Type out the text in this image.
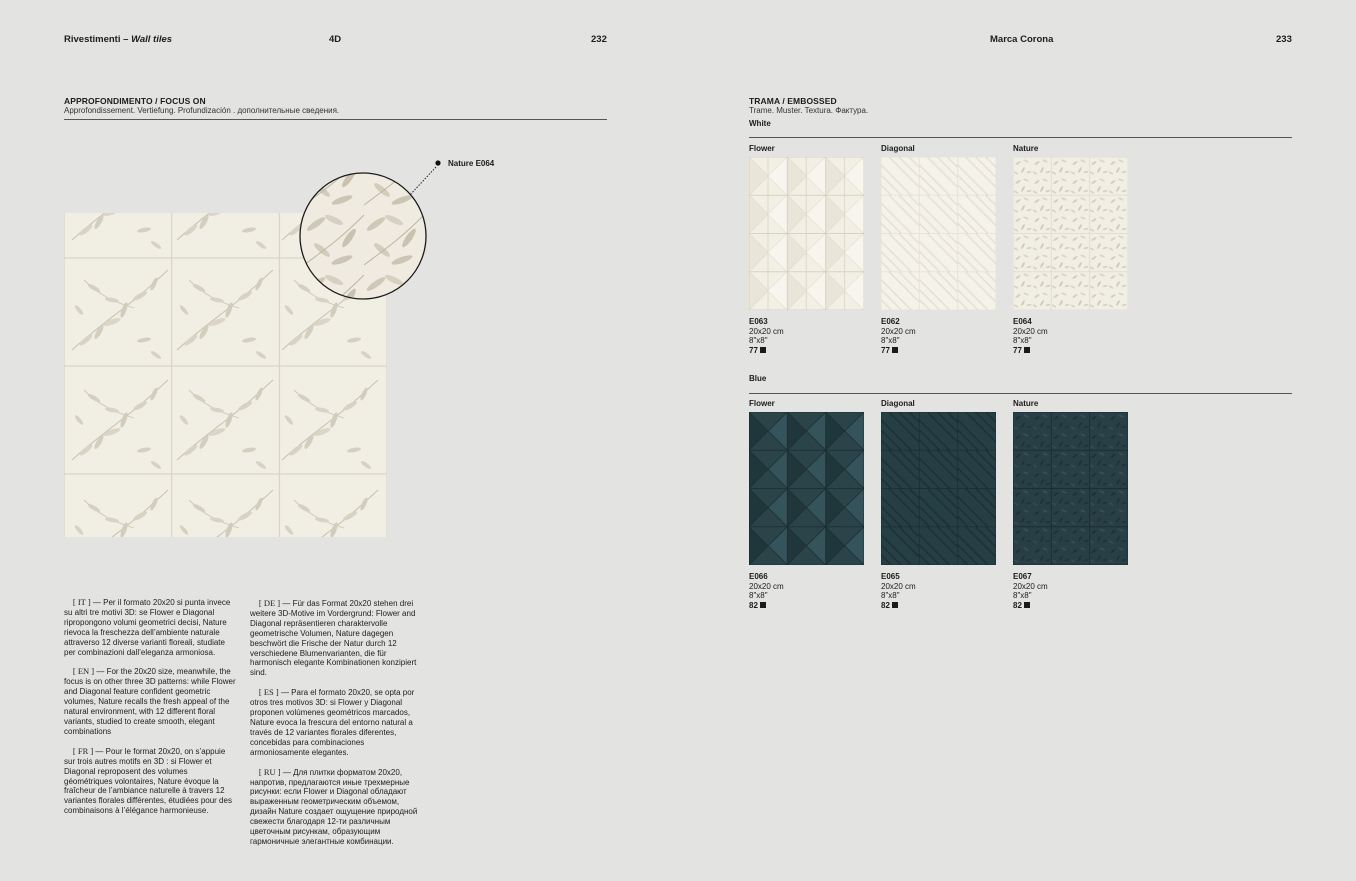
Rivestimenti – Wall tiles	4D	232	Marca Corona	233
APPROFONDIMENTO / FOCUS ON
Approfondissement. Vertiefung. Profundización . дополнительные сведения.
Nature E064

[ IT ] — Per il formato 20x20 si punta invece su altri tre motivi 3D: se Flower e Diagonal ripropongono volumi geometrici decisi, Nature rievoca la freschezza dell’ambiente naturale attraverso 12 diverse varianti floreali, studiate per combinazioni dall’eleganza armoniosa.

[ EN ] — For the 20x20 size, meanwhile, the focus is on other three 3D patterns: while Flower and Diagonal feature confident geometric volumes, Nature recalls the fresh appeal of the natural environment, with 12 different floral variants, studied to create smooth, elegant combinations

[ FR ] — Pour le format 20x20, on s’appuie sur trois autres motifs en 3D : si Flower et Diagonal reproposent des volumes géométriques volontaires, Nature évoque la fraîcheur de l’ambiance naturelle à travers 12 variantes florales différentes, étudiées pour des combinaisons à l’élégance harmonieuse.

[ DE ] — Für das Format 20x20 stehen drei weitere 3D-Motive im Vordergrund: Flower and Diagonal repräsentieren charaktervolle geometrische Volumen, Nature dagegen beschwört die Frische der Natur durch 12 verschiedene Blumenvarianten, die für harmonisch elegante Kombinationen konzipiert sind.

[ ES ] — Para el formato 20x20, se opta por otros tres motivos 3D: si Flower y Diagonal proponen volúmenes geométricos marcados, Nature evoca la frescura del entorno natural a través de 12 variantes florales diferentes, concebidas para combinaciones armoniosamente elegantes.

[ RU ] — Для плитки форматом 20x20, напротив, предлагаются иные трехмерные рисунки: если Flower и Diagonal обладают выраженным геометрическим объемом, дизайн Nature создает ощущение природной свежести благодаря 12-ти различным цветочным рисункам, образующим гармоничные элегантные комбинации.

TRAMA / EMBOSSED
Trame. Muster. Textura. Фактура.
White
Flower	Diagonal	Nature
E063
20x20 cm
8"x8"
77
E062
20x20 cm
8"x8"
77
E064
20x20 cm
8"x8"
77
Blue
Flower	Diagonal	Nature
E066
20x20 cm
8"x8"
82
E065
20x20 cm
8"x8"
82
E067
20x20 cm
8"x8"
82
